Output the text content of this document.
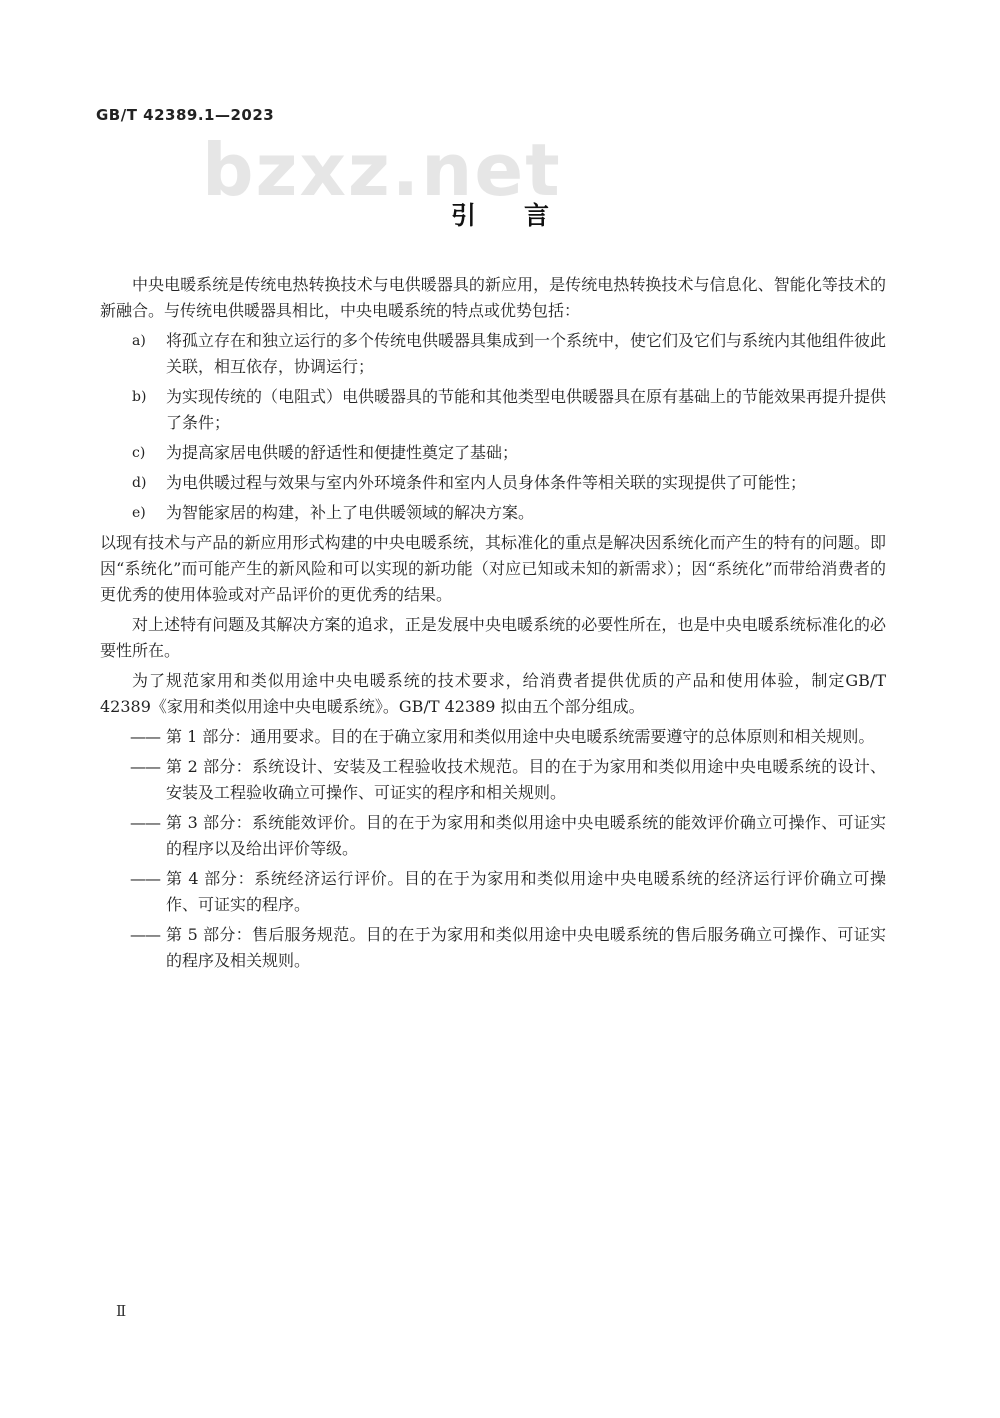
GB/T 42389.1—2023
bzxz.net
引言

中央电暖系统是传统电热转换技术与电供暖器具的新应用，是传统电热转换技术与信息化、智能化等技术的新融合。与传统电供暖器具相比，中央电暖系统的特点或优势包括：

a)	将孤立存在和独立运行的多个传统电供暖器具集成到一个系统中，使它们及它们与系统内其他组件彼此关联，相互依存，协调运行；
b)	为实现传统的（电阻式）电供暖器具的节能和其他类型电供暖器具在原有基础上的节能效果再提升提供了条件；
c)	为提高家居电供暖的舒适性和便捷性奠定了基础；
d)	为电供暖过程与效果与室内外环境条件和室内人员身体条件等相关联的实现提供了可能性；
e)	为智能家居的构建，补上了电供暖领域的解决方案。

以现有技术与产品的新应用形式构建的中央电暖系统，其标准化的重点是解决因系统化而产生的特有的问题。即因“系统化”而可能产生的新风险和可以实现的新功能（对应已知或未知的新需求）；因“系统化”而带给消费者的更优秀的使用体验或对产品评价的更优秀的结果。

对上述特有问题及其解决方案的追求，正是发展中央电暖系统的必要性所在，也是中央电暖系统标准化的必要性所在。

为了规范家用和类似用途中央电暖系统的技术要求，给消费者提供优质的产品和使用体验，制定GB/T 42389《家用和类似用途中央电暖系统》。GB/T 42389 拟由五个部分组成。

—— 第 1 部分：通用要求。目的在于确立家用和类似用途中央电暖系统需要遵守的总体原则和相关规则。
—— 第 2 部分：系统设计、安装及工程验收技术规范。目的在于为家用和类似用途中央电暖系统的设计、安装及工程验收确立可操作、可证实的程序和相关规则。
—— 第 3 部分：系统能效评价。目的在于为家用和类似用途中央电暖系统的能效评价确立可操作、可证实的程序以及给出评价等级。
—— 第 4 部分：系统经济运行评价。目的在于为家用和类似用途中央电暖系统的经济运行评价确立可操作、可证实的程序。
—— 第 5 部分：售后服务规范。目的在于为家用和类似用途中央电暖系统的售后服务确立可操作、可证实的程序及相关规则。
Ⅱ
